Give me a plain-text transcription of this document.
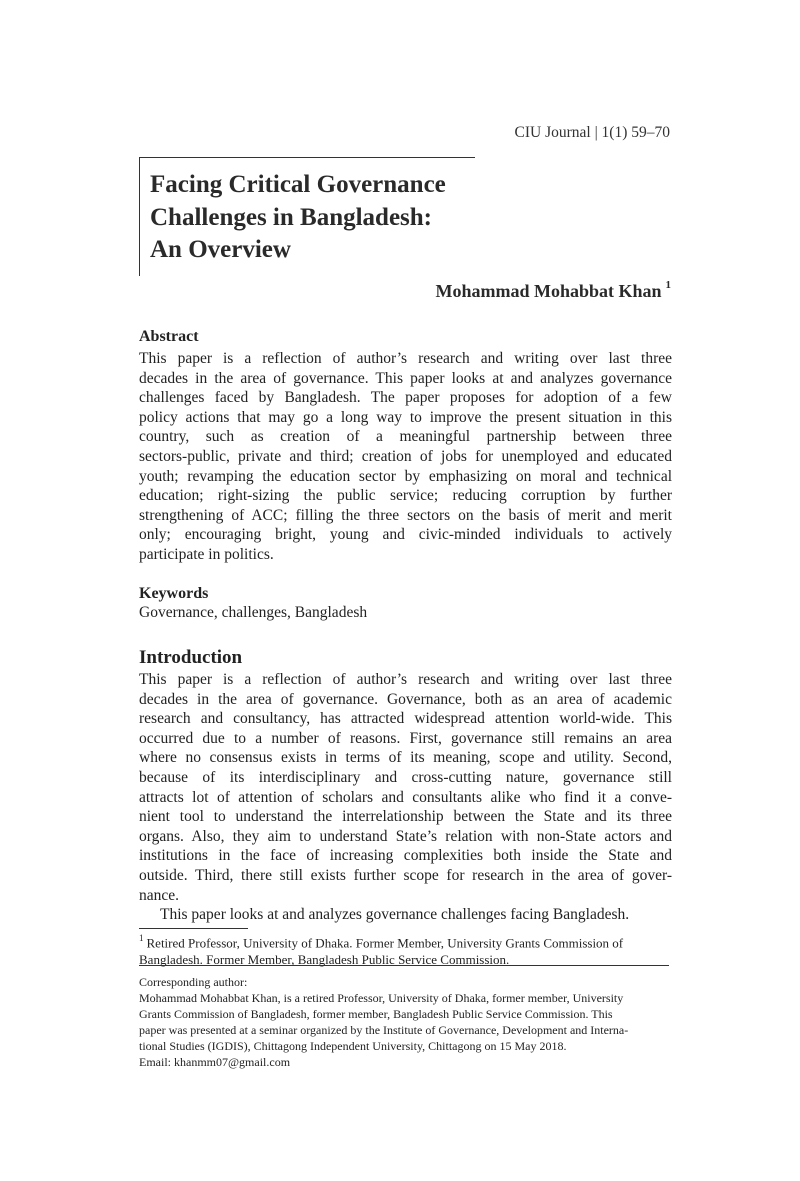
CIU Journal | 1(1) 59–70
Facing Critical Governance
Challenges in Bangladesh:
An Overview
Mohammad Mohabbat Khan $^1$
Abstract
This paper is a reflection of author’s research and writing over last three
decades in the area of governance. This paper looks at and analyzes governance
challenges faced by Bangladesh. The paper proposes for adoption of a few
policy actions that may go a long way to improve the present situation in this
country, such as creation of a meaningful partnership between three
sectors-public, private and third; creation of jobs for unemployed and educated
youth; revamping the education sector by emphasizing on moral and technical
education; right-sizing the public service; reducing corruption by further
strengthening of ACC; filling the three sectors on the basis of merit and merit
only; encouraging bright, young and civic-minded individuals to actively
participate in politics.
Keywords
Governance, challenges, Bangladesh
Introduction
This paper is a reflection of author’s research and writing over last three
decades in the area of governance. Governance, both as an area of academic
research and consultancy, has attracted widespread attention world-wide. This
occurred due to a number of reasons. First, governance still remains an area
where no consensus exists in terms of its meaning, scope and utility. Second,
because of its interdisciplinary and cross-cutting nature, governance still
attracts lot of attention of scholars and consultants alike who find it a conve-
nient tool to understand the interrelationship between the State and its three
organs. Also, they aim to understand State’s relation with non-State actors and
institutions in the face of increasing complexities both inside the State and
outside. Third, there still exists further scope for research in the area of gover-
nance.
This paper looks at and analyzes governance challenges facing Bangladesh.
$^1$ Retired Professor, University of Dhaka. Former Member, University Grants Commission of
Bangladesh. Former Member, Bangladesh Public Service Commission.
Corresponding author:
Mohammad Mohabbat Khan, is a retired Professor, University of Dhaka, former member, University
Grants Commission of Bangladesh, former member, Bangladesh Public Service Commission. This
paper was presented at a seminar organized by the Institute of Governance, Development and Interna-
tional Studies (IGDIS), Chittagong Independent University, Chittagong on 15 May 2018.
Email: khanmm07@gmail.com
